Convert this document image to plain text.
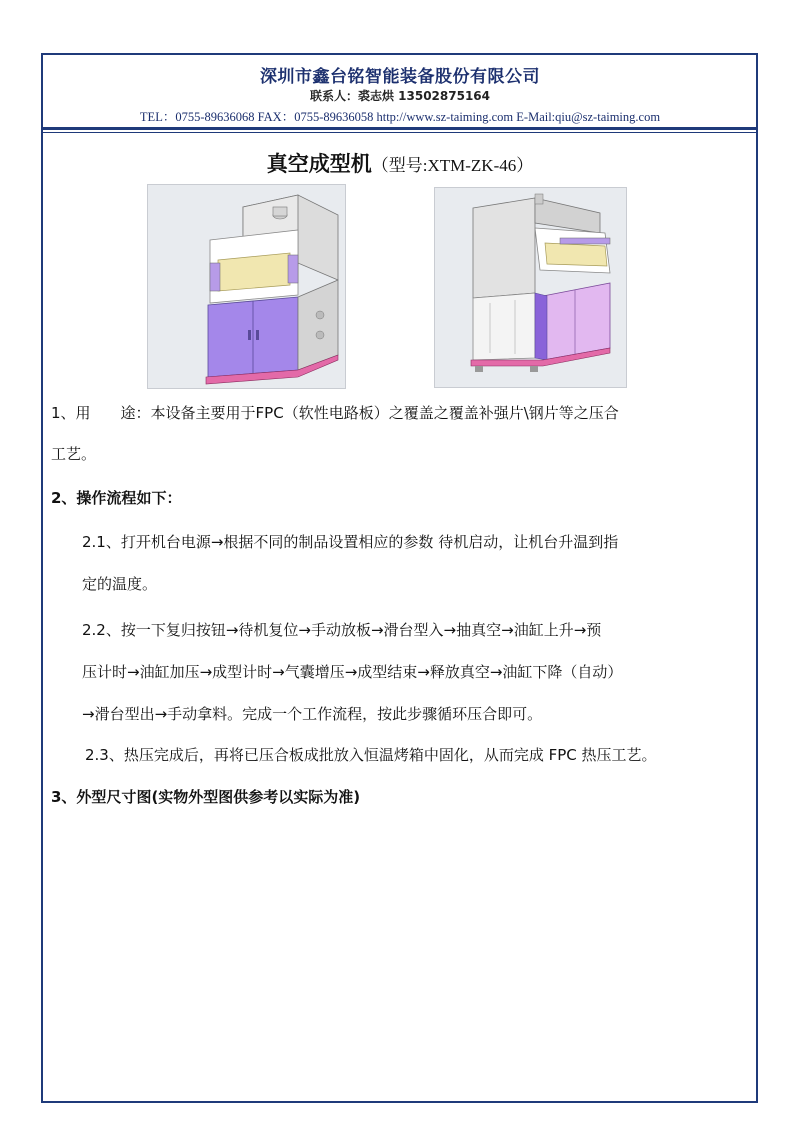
深圳市鑫台铭智能装备股份有限公司
联系人：裘志烘 13502875164
TEL：0755-89636068 FAX：0755-89636058 http://www.sz-taiming.com E-Mail:qiu@sz-taiming.com
真空成型机（型号:XTM-ZK-46）
1、用　　途：本设备主要用于FPC（软性电路板）之覆盖之覆盖补强片\钢片等之压合
工艺。
2、操作流程如下：
2.1、打开机台电源→根据不同的制品设置相应的参数 待机启动，让机台升温到指
定的温度。
2.2、按一下复归按钮→待机复位→手动放板→滑台型入→抽真空→油缸上升→预
压计时→油缸加压→成型计时→气囊增压→成型结束→释放真空→油缸下降（自动）
→滑台型出→手动拿料。完成一个工作流程，按此步骤循环压合即可。
2.3、热压完成后，再将已压合板成批放入恒温烤箱中固化，从而完成 FPC 热压工艺。
3、外型尺寸图(实物外型图供参考以实际为准)
